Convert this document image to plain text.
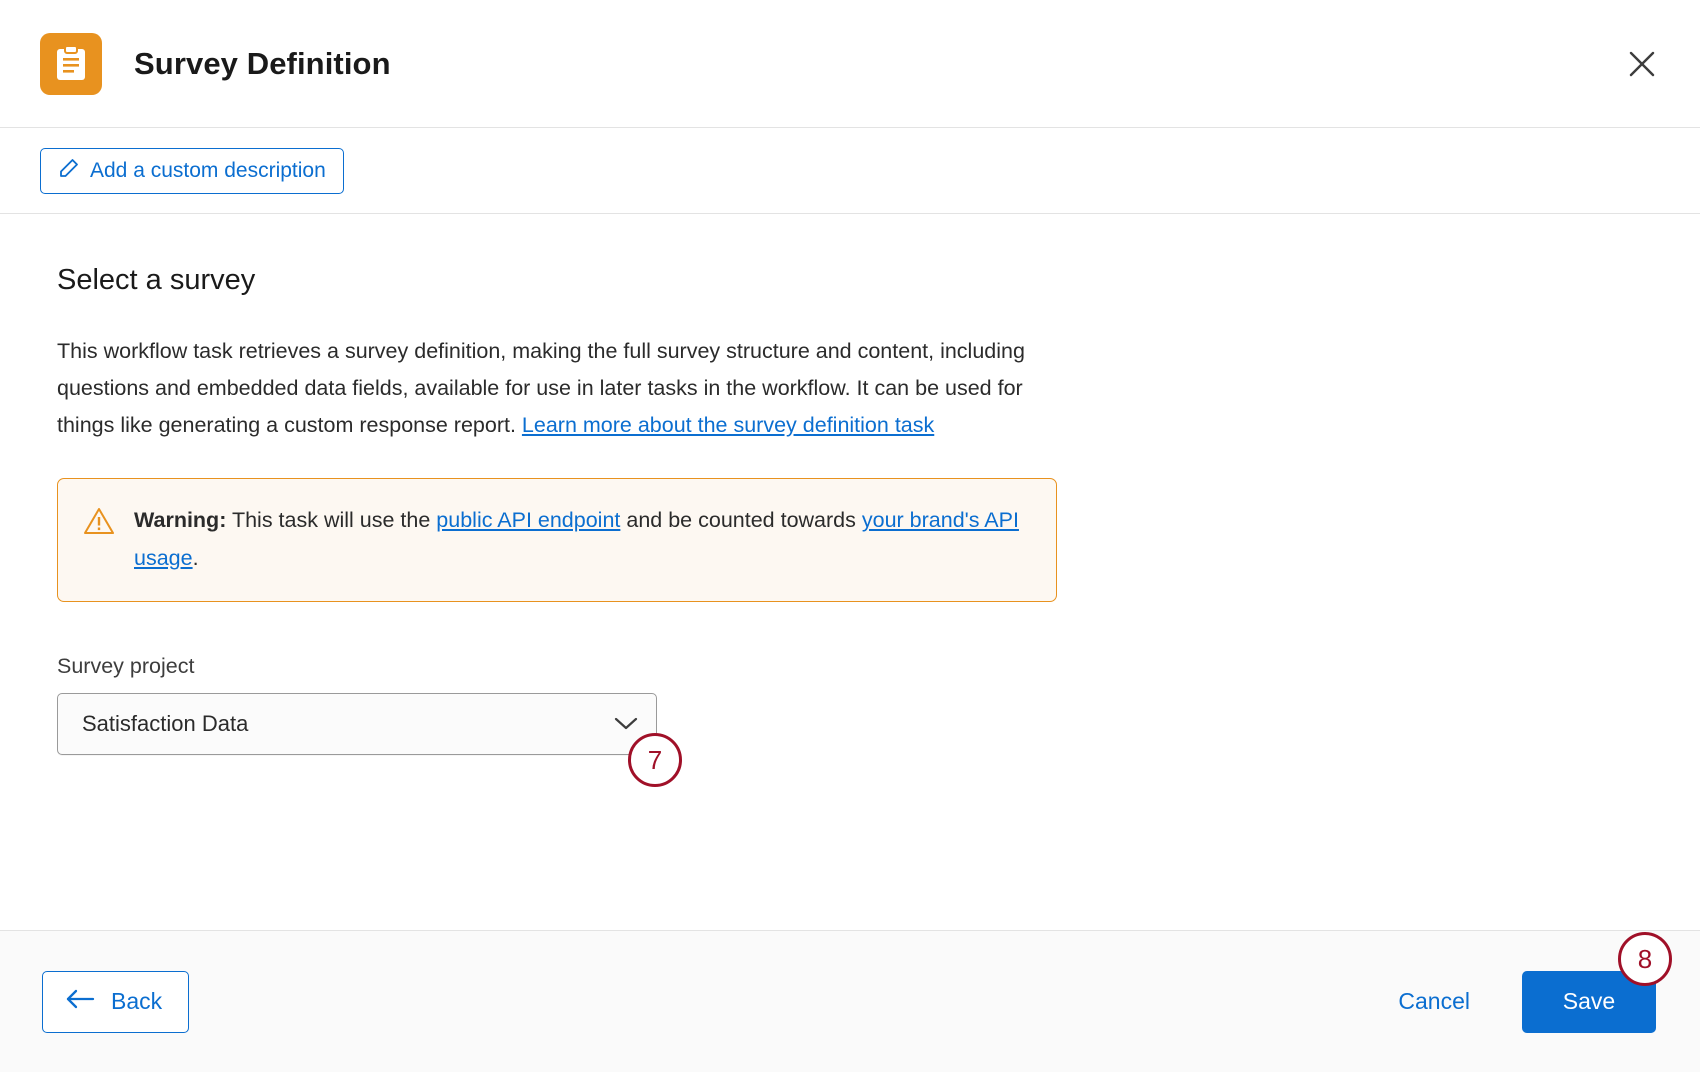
Survey Definition
Add a custom description
Select a survey

This workflow task retrieves a survey definition, making the full survey structure and content, including questions and embedded data fields, available for use in later tasks in the workflow. It can be used for things like generating a custom response report. Learn more about the survey definition task

Warning: This task will use the public API endpoint and be counted towards your brand's API usage.
Survey project
Satisfaction Data
Back	Cancel	Save
7
8
